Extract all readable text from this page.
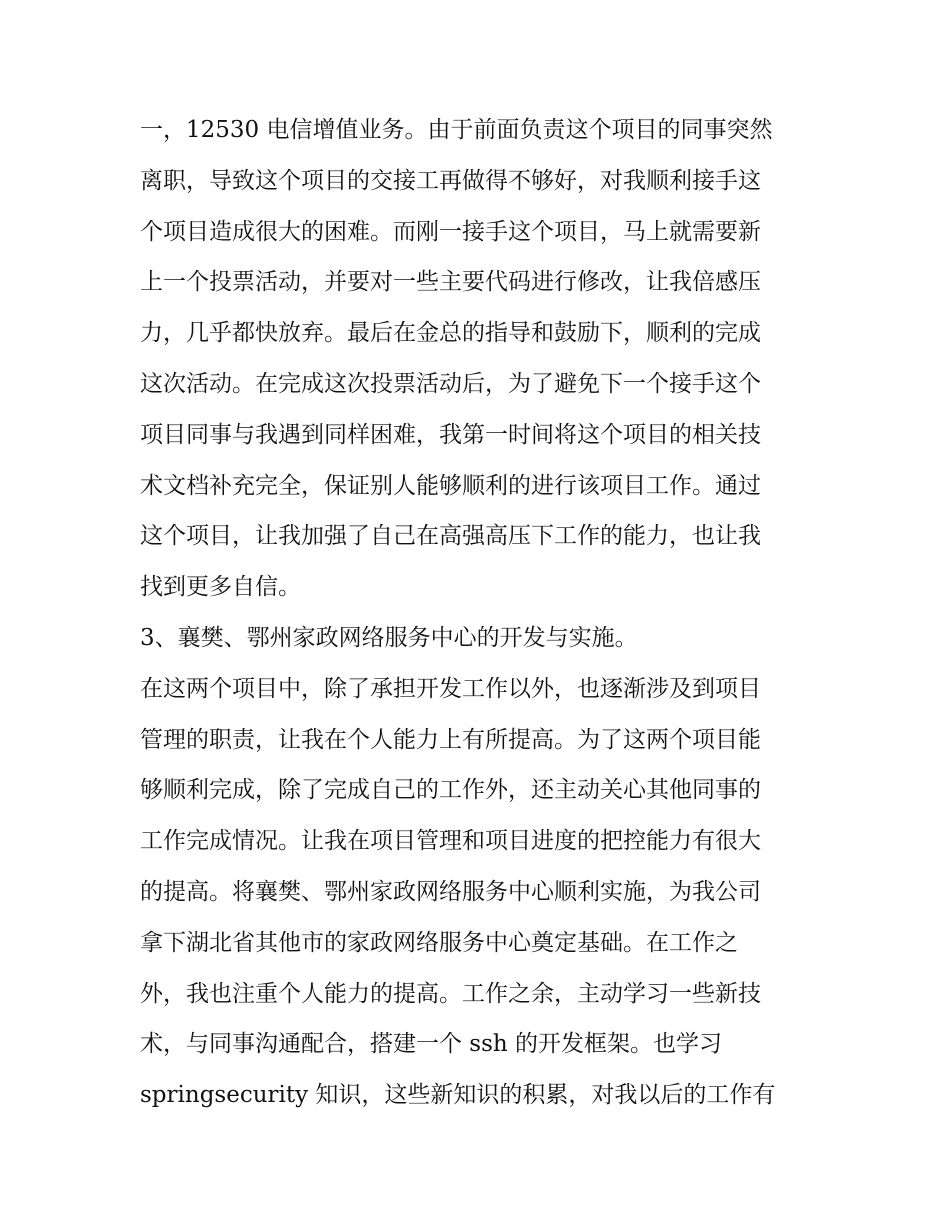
一，12530 电信增值业务。由于前面负责这个项目的同事突然
离职，导致这个项目的交接工再做得不够好，对我顺利接手这
个项目造成很大的困难。而刚一接手这个项目，马上就需要新
上一个投票活动，并要对一些主要代码进行修改，让我倍感压
力，几乎都快放弃。最后在金总的指导和鼓励下，顺利的完成
这次活动。在完成这次投票活动后，为了避免下一个接手这个
项目同事与我遇到同样困难，我第一时间将这个项目的相关技
术文档补充完全，保证别人能够顺利的进行该项目工作。通过
这个项目，让我加强了自己在高强高压下工作的能力，也让我
找到更多自信。
3、襄樊、鄂州家政网络服务中心的开发与实施。
在这两个项目中，除了承担开发工作以外，也逐渐涉及到项目
管理的职责，让我在个人能力上有所提高。为了这两个项目能
够顺利完成，除了完成自己的工作外，还主动关心其他同事的
工作完成情况。让我在项目管理和项目进度的把控能力有很大
的提高。将襄樊、鄂州家政网络服务中心顺利实施，为我公司
拿下湖北省其他市的家政网络服务中心奠定基础。在工作之
外，我也注重个人能力的提高。工作之余，主动学习一些新技
术，与同事沟通配合，搭建一个 ssh 的开发框架。也学习
springsecurity 知识，这些新知识的积累，对我以后的工作有
